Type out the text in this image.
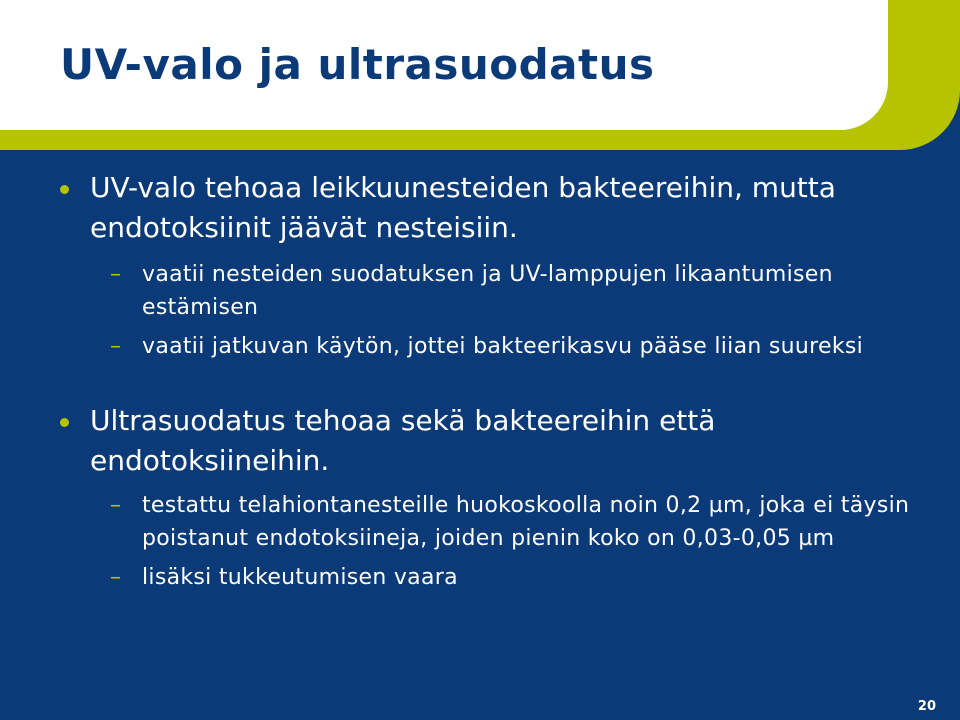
UV-valo ja ultrasuodatus
UV-valo tehoaa leikkuunesteiden bakteereihin, mutta endotoksiinit jäävät nesteisiin.
– vaatii nesteiden suodatuksen ja UV-lamppujen likaantumisen estämisen
– vaatii jatkuvan käytön, jottei bakteerikasvu pääse liian suureksi
Ultrasuodatus tehoaa sekä bakteereihin että endotoksiineihin.
– testattu telahiontanesteille huokoskoolla noin 0,2 µm, joka ei täysin poistanut endotoksiineja, joiden pienin koko on 0,03-0,05 µm
– lisäksi tukkeutumisen vaara
20
